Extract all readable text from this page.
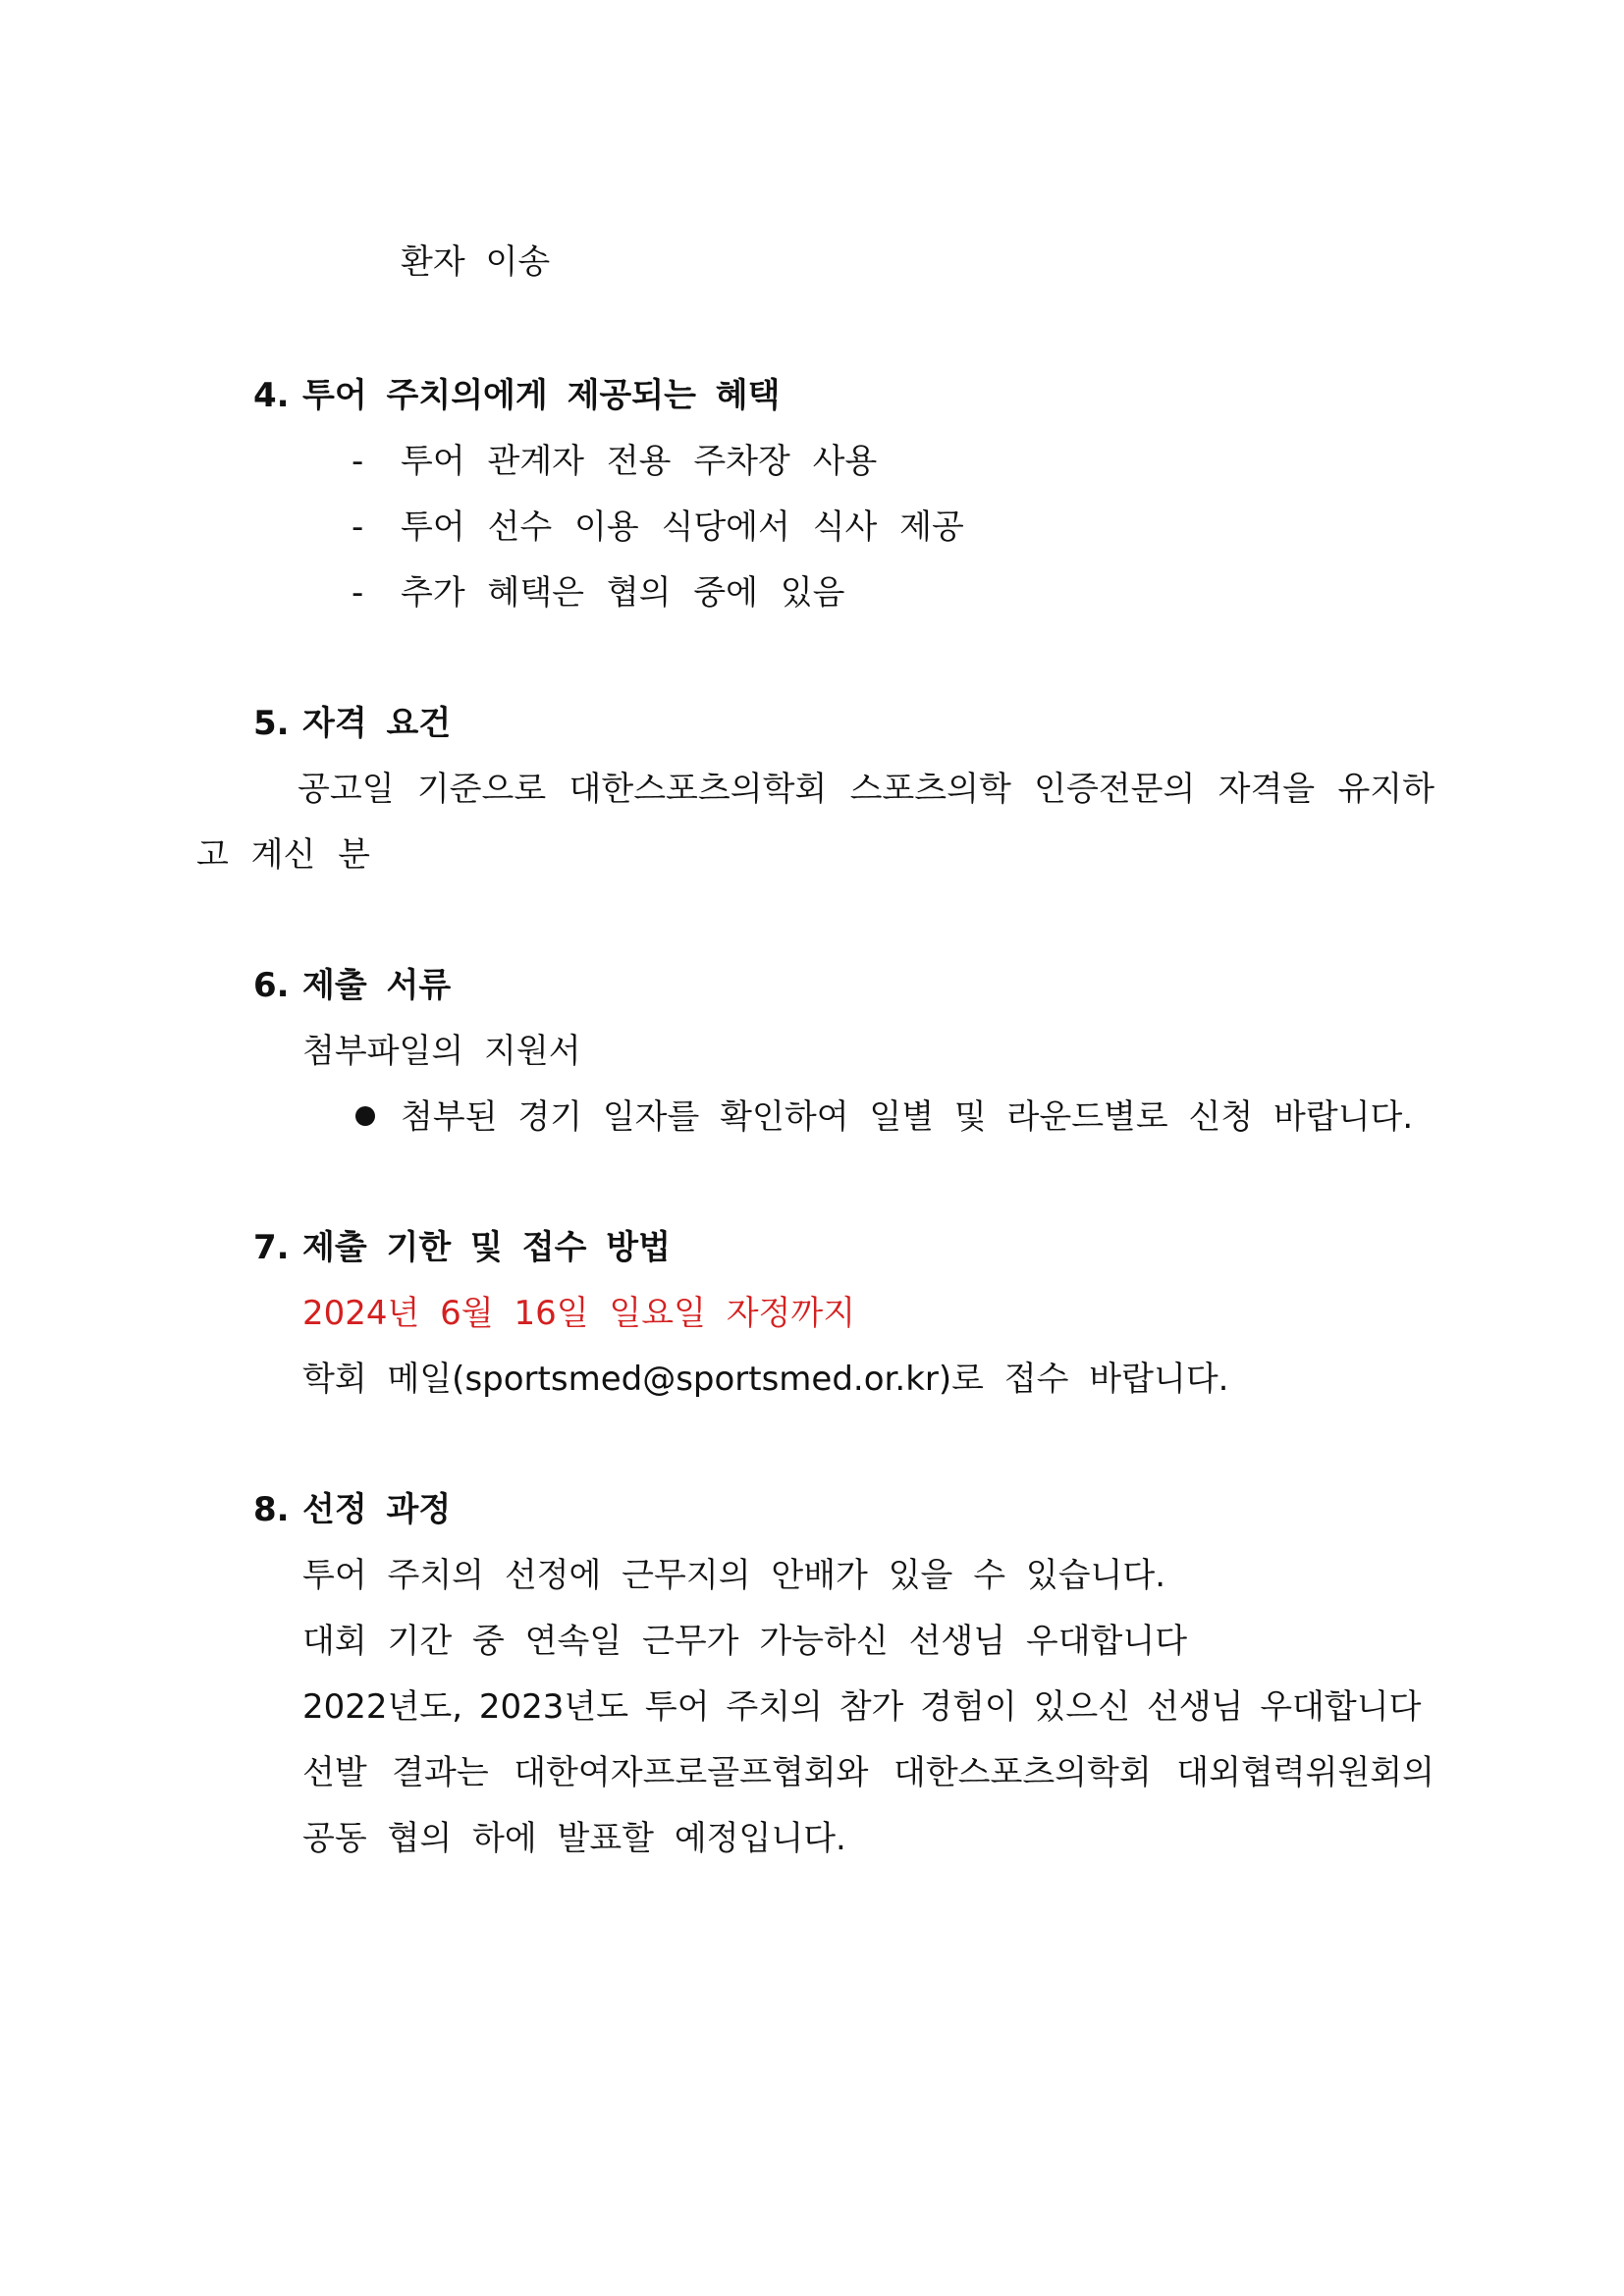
환자 이송
4. 투어 주치의에게 제공되는 혜택
- 투어 관계자 전용 주차장 사용
- 투어 선수 이용 식당에서 식사 제공
- 추가 혜택은 협의 중에 있음
5. 자격 요건
공고일 기준으로 대한스포츠의학회 스포츠의학 인증전문의 자격을 유지하
고 계신 분
6. 제출 서류
첨부파일의 지원서
첨부된 경기 일자를 확인하여 일별 및 라운드별로 신청 바랍니다.
7. 제출 기한 및 접수 방법
2024년 6월 16일 일요일 자정까지
학회 메일(sportsmed@sportsmed.or.kr)로 접수 바랍니다.
8. 선정 과정
투어 주치의 선정에 근무지의 안배가 있을 수 있습니다.
대회 기간 중 연속일 근무가 가능하신 선생님 우대합니다
2022년도, 2023년도 투어 주치의 참가 경험이 있으신 선생님 우대합니다
선발 결과는 대한여자프로골프협회와 대한스포츠의학회 대외협력위원회의
공동 협의 하에 발표할 예정입니다.
